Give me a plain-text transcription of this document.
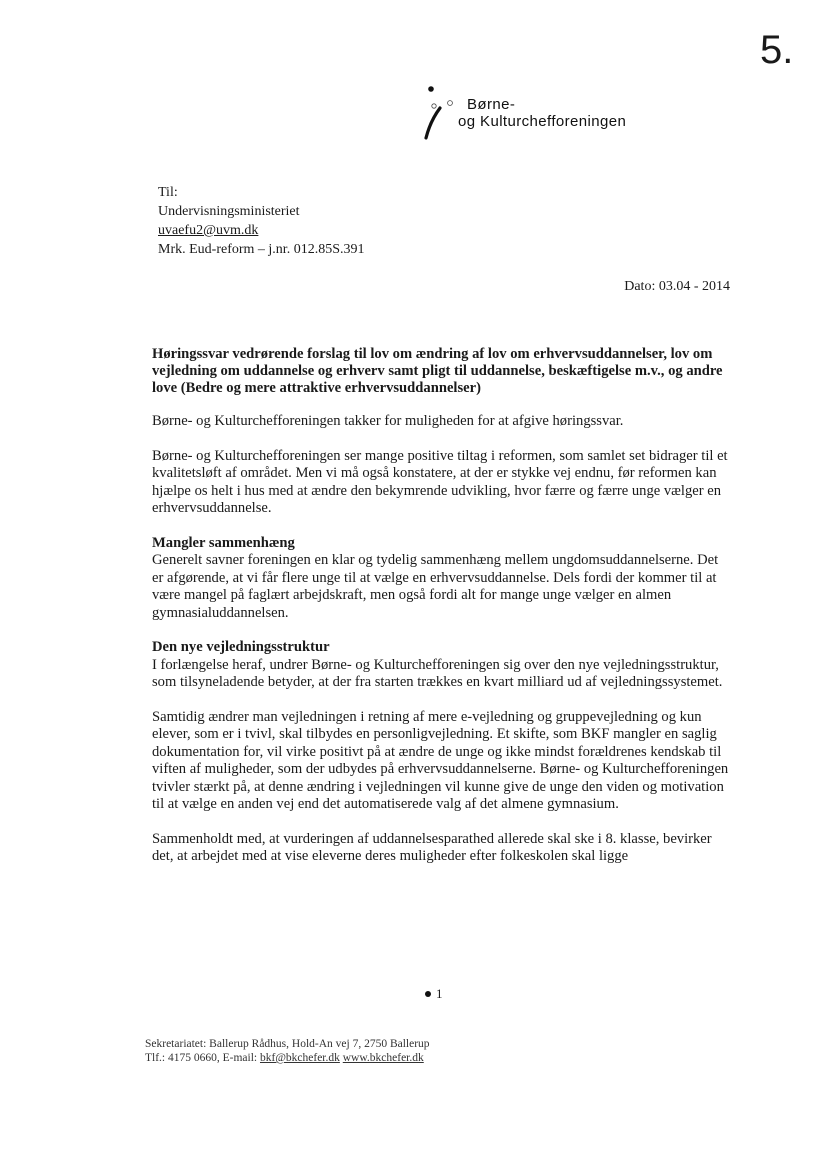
5.
Børne-
og Kulturchefforeningen
Til:
Undervisningsministeriet
uvaefu2@uvm.dk
Mrk. Eud-reform – j.nr. 012.85S.391
Dato: 03.04 - 2014
Høringssvar vedrørende forslag til lov om ændring af lov om erhvervsuddannelser, lov om vejledning om uddannelse og erhverv samt pligt til uddannelse, beskæftigelse m.v., og andre love (Bedre og mere attraktive erhvervsuddannelser)

Børne- og Kulturchefforeningen takker for muligheden for at afgive høringssvar.

Børne- og Kulturchefforeningen ser mange positive tiltag i reformen, som samlet set bidrager til et kvalitetsløft af området. Men vi må også konstatere, at der er stykke vej endnu, før reformen kan hjælpe os helt i hus med at ændre den bekymrende udvikling, hvor færre og færre unge vælger en erhvervsuddannelse.

Mangler sammenhæng

Generelt savner foreningen en klar og tydelig sammenhæng mellem ungdomsuddannelserne. Det er afgørende, at vi får flere unge til at vælge en erhvervsuddannelse. Dels fordi der kommer til at være mangel på faglært arbejdskraft, men også fordi alt for mange unge vælger en almen gymnasialuddannelsen.

Den nye vejledningsstruktur

I forlængelse heraf, undrer Børne- og Kulturchefforeningen sig over den nye vejledningsstruktur, som tilsyneladende betyder, at der fra starten trækkes en kvart milliard ud af vejledningssystemet.

Samtidig ændrer man vejledningen i retning af mere e-vejledning og gruppevejledning og kun elever, som er i tvivl, skal tilbydes en personligvejledning. Et skifte, som BKF mangler en saglig dokumentation for, vil virke positivt på at ændre de unge og ikke mindst forældrenes kendskab til viften af muligheder, som der udbydes på erhvervsuddannelserne. Børne- og Kulturchefforeningen tvivler stærkt på, at denne ændring i vejledningen vil kunne give de unge den viden og motivation til at vælge en anden vej end det automatiserede valg af det almene gymnasium.

Sammenholdt med, at vurderingen af uddannelsesparathed allerede skal ske i 8. klasse, bevirker det, at arbejdet med at vise eleverne deres muligheder efter folkeskolen skal ligge

1
Sekretariatet: Ballerup Rådhus, Hold-An vej 7, 2750 Ballerup
Tlf.: 4175 0660, E-mail: bkf@bkchefer.dk www.bkchefer.dk
